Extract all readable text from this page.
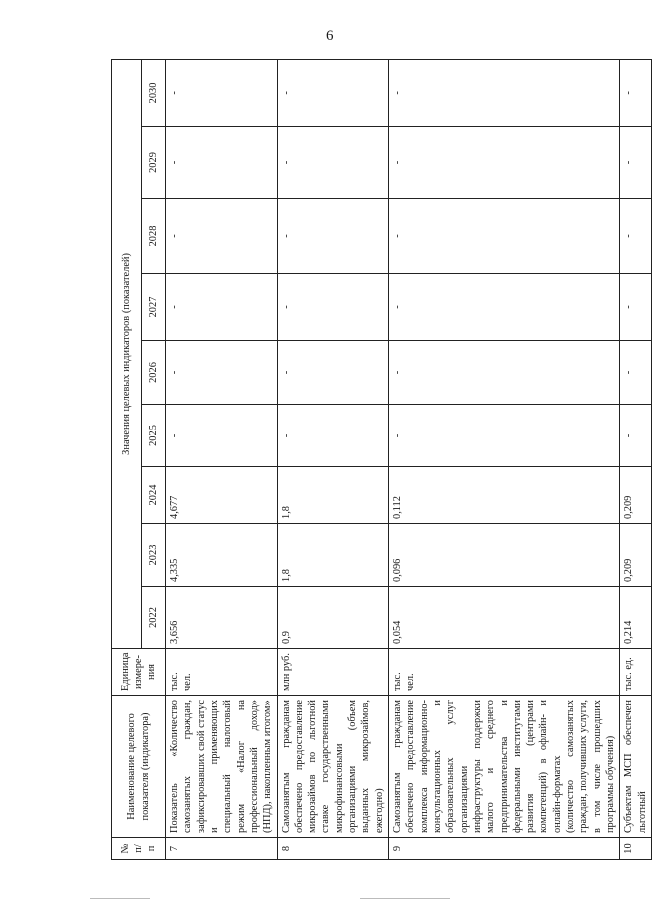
6
№ п/п	Наименование целевого показателя (индикатора)	Единица измере-ния	Значения целевых индикаторов (показателей)								
			2022	2023	2024	2025	2026	2027	2028	2029	2030
7	Показатель «Количество самозанятых граждан, зафиксировавших свой статус и применяющих специальный налоговый режим «Налог на профессиональный доход» (НПД), накопленным итогом»	тыс. чел.	3,656	4,335	4,677	-	-	-	-	-	-
8	Самозанятым гражданам обеспечено предоставление микрозаймов по льготной ставке государственными микрофинансовыми организациями (объем выданных микрозаймов, ежегодно)	млн руб.	0,9	1,8	1,8	-	-	-	-	-	-
9	Самозанятым гражданам обеспечено предоставление комплекса информационно-консультационных и образовательных услуг организациями инфраструктуры поддержки малого и среднего предпринимательства и федеральными институтами развития (центрами компетенций) в офлайн- и онлайн-форматах (количество самозанятых граждан, получивших услуги, в том числе прошедших программы обучения)	тыс. чел.	0,054	0,096	0,112	-	-	-	-	-	-
10	Субъектам МСП обеспечен льготный	тыс. ед.	0,214	0,209	0,209	-	-	-	-	-	-
